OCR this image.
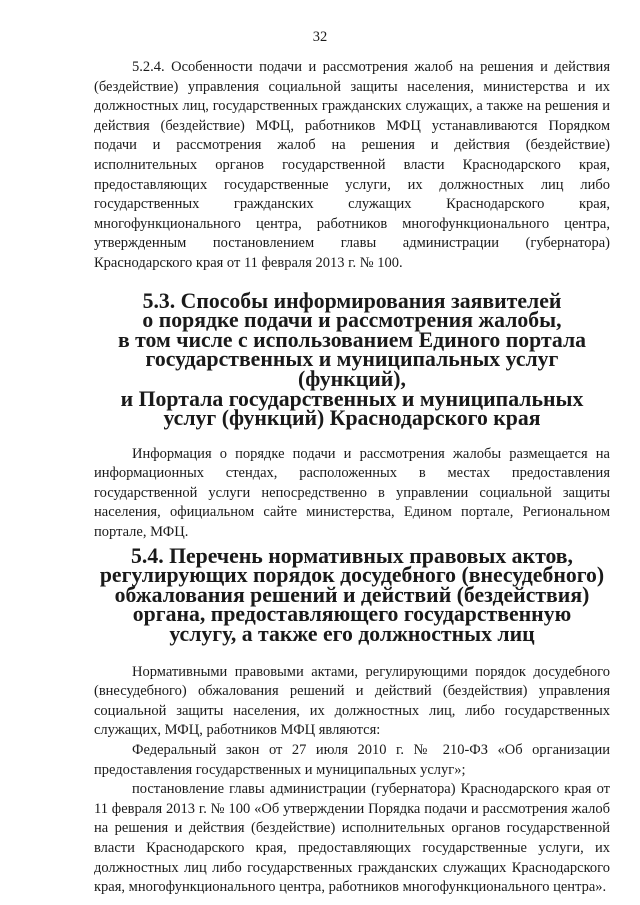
32

5.2.4. Особенности подачи и рассмотрения жалоб на решения и действия (бездействие) управления социальной защиты населения, министерства и их должностных лиц, государственных гражданских служащих, а также на решения и действия (бездействие) МФЦ, работников МФЦ устанавливаются Порядком подачи и рассмотрения жалоб на решения и действия (бездействие) исполнительных органов государственной власти Краснодарского края, предоставляющих государственные услуги, их должностных лиц либо государственных гражданских служащих Краснодарского края, многофункционального центра, работников многофункционального центра, утвержденным постановлением главы администрации (губернатора) Краснодарского края от 11 февраля 2013 г. № 100.

5.3. Способы информирования заявителей
о порядке подачи и рассмотрения жалобы,
в том числе с использованием Единого портала
государственных и муниципальных услуг (функций),
и Портала государственных и муниципальных
услуг (функций) Краснодарского края

Информация о порядке подачи и рассмотрения жалобы размещается на информационных стендах, расположенных в местах предоставления государственной услуги непосредственно в управлении социальной защиты населения, официальном сайте министерства, Едином портале, Региональном портале, МФЦ.

5.4. Перечень нормативных правовых актов,
регулирующих порядок досудебного (внесудебного)
обжалования решений и действий (бездействия)
органа, предоставляющего государственную
услугу, а также его должностных лиц

Нормативными правовыми актами, регулирующими порядок досудебного (внесудебного) обжалования решений и действий (бездействия) управления социальной защиты населения, их должностных лиц, либо государственных служащих, МФЦ, работников МФЦ являются:

Федеральный закон от 27 июля 2010 г. № 210-ФЗ «Об организации предоставления государственных и муниципальных услуг»;

постановление главы администрации (губернатора) Краснодарского края от 11 февраля 2013 г. № 100 «Об утверждении Порядка подачи и рассмотрения жалоб на решения и действия (бездействие) исполнительных органов государственной власти Краснодарского края, предоставляющих государственные услуги, их должностных лиц либо государственных гражданских служащих Краснодарского края, многофункционального центра, работников многофункционального центра».
